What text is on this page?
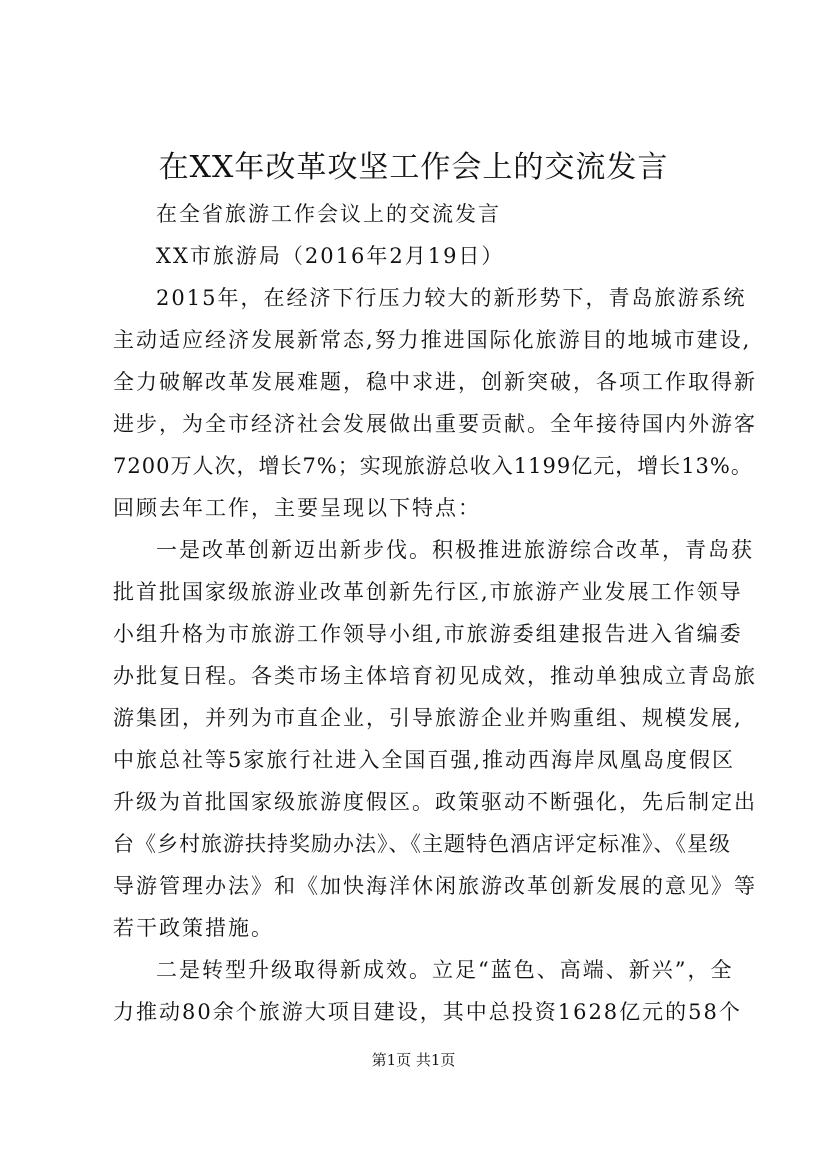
在XX年改革攻坚工作会上的交流发言
在全省旅游工作会议上的交流发言
XX市旅游局（2016年2月19日）
2015年，在经济下行压力较大的新形势下，青岛旅游系统
主动适应经济发展新常态,努力推进国际化旅游目的地城市建设,
全力破解改革发展难题，稳中求进，创新突破，各项工作取得新
进步，为全市经济社会发展做出重要贡献。全年接待国内外游客
7200万人次，增长7%；实现旅游总收入1199亿元，增长13%。
回顾去年工作，主要呈现以下特点：
一是改革创新迈出新步伐。积极推进旅游综合改革，青岛获
批首批国家级旅游业改革创新先行区,市旅游产业发展工作领导
小组升格为市旅游工作领导小组,市旅游委组建报告进入省编委
办批复日程。各类市场主体培育初见成效，推动单独成立青岛旅
游集团，并列为市直企业，引导旅游企业并购重组、规模发展,
中旅总社等5家旅行社进入全国百强,推动西海岸凤凰岛度假区
升级为首批国家级旅游度假区。政策驱动不断强化，先后制定出
台《乡村旅游扶持奖励办法》、《主题特色酒店评定标准》、《星级
导游管理办法》和《加快海洋休闲旅游改革创新发展的意见》等
若干政策措施。
二是转型升级取得新成效。立足“蓝色、高端、新兴”，全
力推动80余个旅游大项目建设，其中总投资1628亿元的58个
第1页 共1页
